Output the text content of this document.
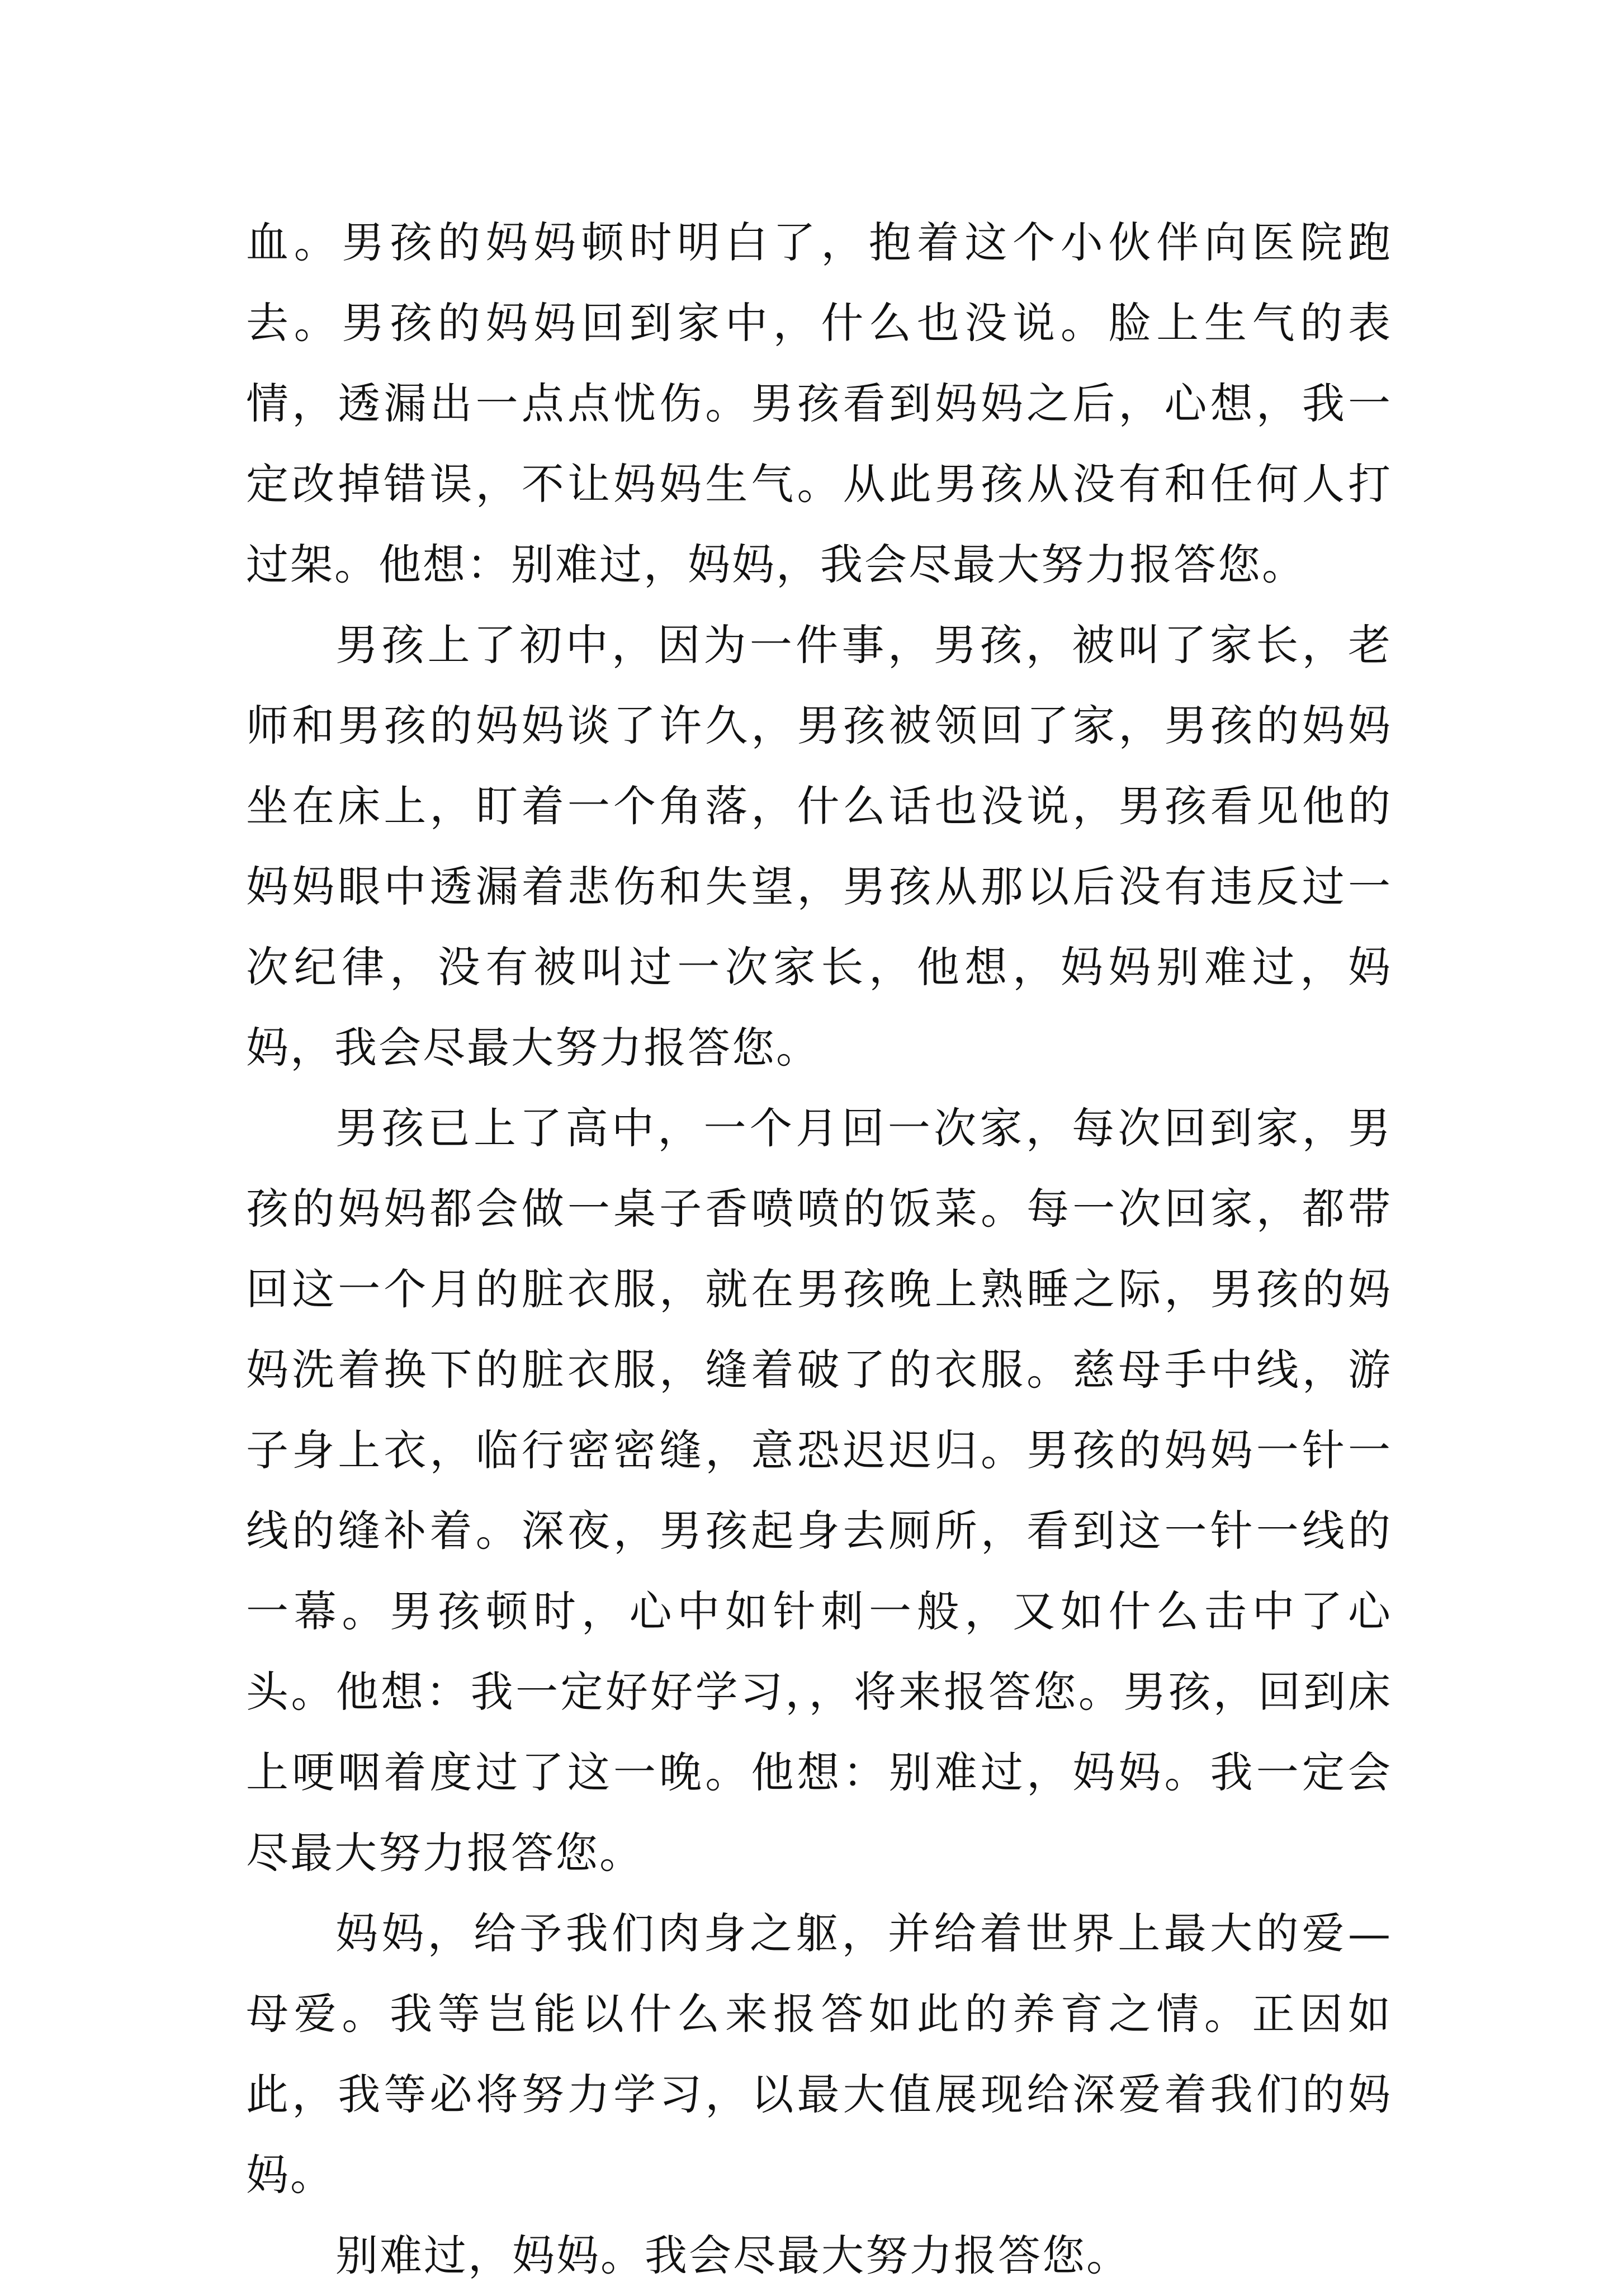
血。男孩的妈妈顿时明白了，抱着这个小伙伴向医院跑去。男孩的妈妈回到家中，什么也没说。脸上生气的表情，透漏出一点点忧伤。男孩看到妈妈之后，心想，我一定改掉错误，不让妈妈生气。从此男孩从没有和任何人打过架。他想：别难过，妈妈，我会尽最大努力报答您。

男孩上了初中，因为一件事，男孩，被叫了家长，老师和男孩的妈妈谈了许久，男孩被领回了家，男孩的妈妈坐在床上，盯着一个角落，什么话也没说，男孩看见他的妈妈眼中透漏着悲伤和失望，男孩从那以后没有违反过一次纪律，没有被叫过一次家长，他想，妈妈别难过，妈妈，我会尽最大努力报答您。

男孩已上了高中，一个月回一次家，每次回到家，男孩的妈妈都会做一桌子香喷喷的饭菜。每一次回家，都带回这一个月的脏衣服，就在男孩晚上熟睡之际，男孩的妈妈洗着换下的脏衣服，缝着破了的衣服。慈母手中线，游子身上衣，临行密密缝，意恐迟迟归。男孩的妈妈一针一线的缝补着。深夜，男孩起身去厕所，看到这一针一线的一幕。男孩顿时，心中如针刺一般，又如什么击中了心头。他想：我一定好好学习，，将来报答您。男孩，回到床上哽咽着度过了这一晚。他想：别难过，妈妈。我一定会尽最大努力报答您。

妈妈，给予我们肉身之躯，并给着世界上最大的爱—母爱。我等岂能以什么来报答如此的养育之情。正因如此，我等必将努力学习，以最大值展现给深爱着我们的妈妈。

别难过，妈妈。我会尽最大努力报答您。
